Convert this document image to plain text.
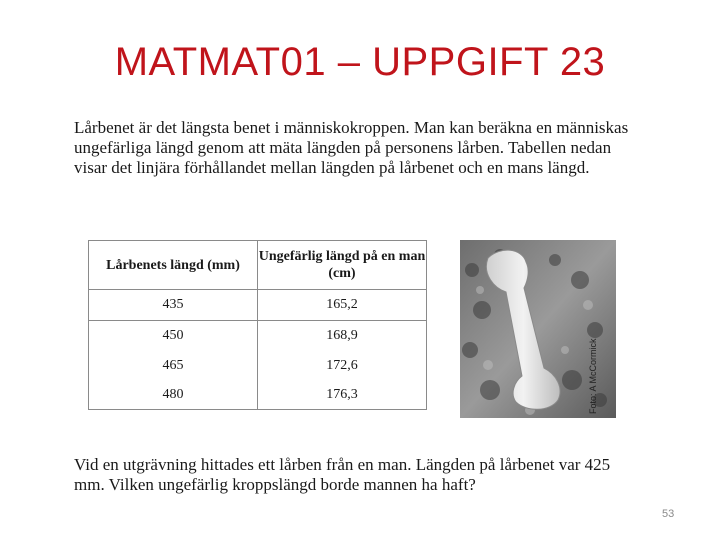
MATMAT01 – UPPGIFT 23
Lårbenet är det längsta benet i människokroppen. Man kan beräkna en människas ungefärliga längd genom att mäta längden på personens lårben. Tabellen nedan visar det linjära förhållandet mellan längden på lårbenet och en mans längd.
Lårbenets längd (mm)	Ungefärlig längd på en man (cm)
435	165,2
450	168,9
465	172,6
480	176,3	Foto: A McCormick
Vid en utgrävning hittades ett lårben från en man. Längden på lårbenet var 425 mm. Vilken ungefärlig kroppslängd borde mannen ha haft?
53
